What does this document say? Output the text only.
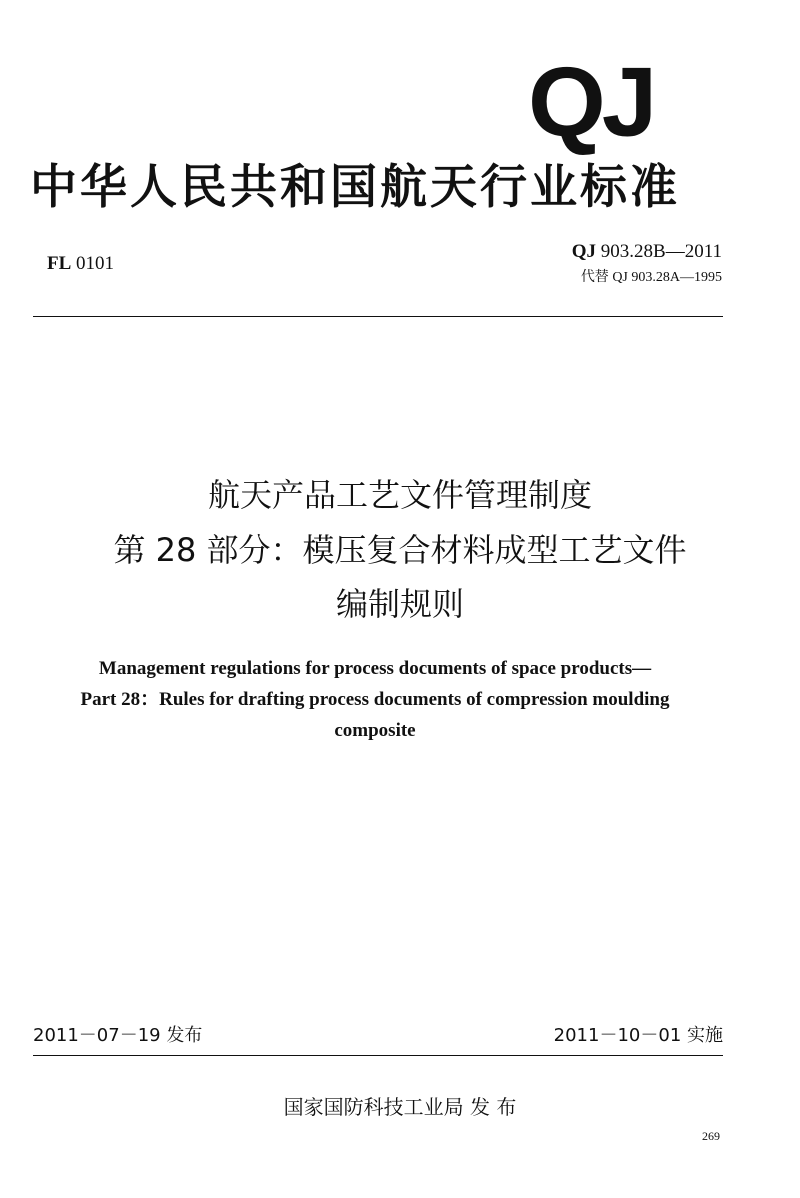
QJ
中华人民共和国航天行业标准
FL 0101
QJ 903.28B—2011
代替 QJ 903.28A—1995
航天产品工艺文件管理制度
第 28 部分：模压复合材料成型工艺文件
编制规则
Management regulations for process documents of space products—
Part 28：Rules for drafting process documents of compression moulding
composite
2011－07－19 发布	2011－10－01 实施
国家国防科技工业局 发 布
269
